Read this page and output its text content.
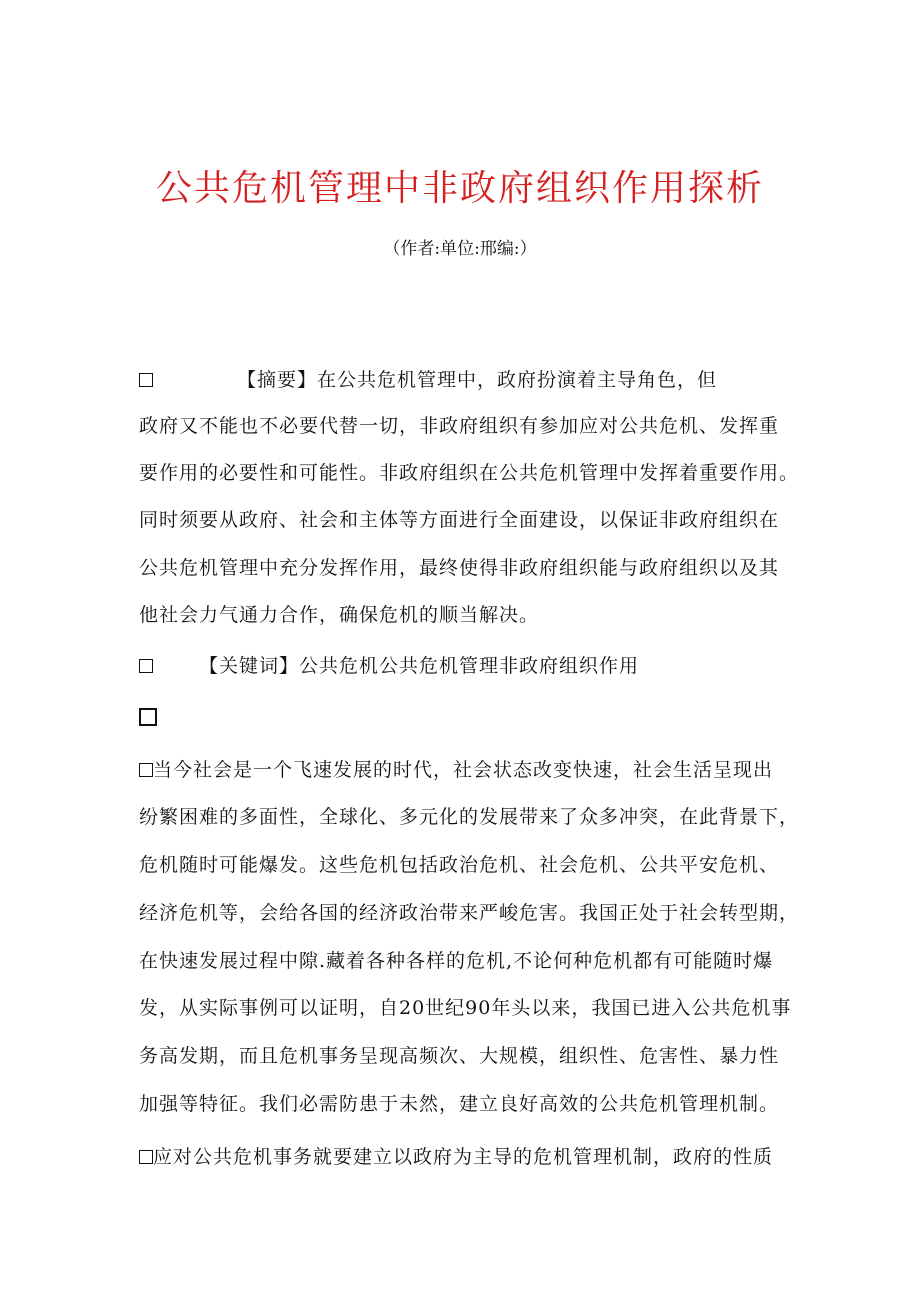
公共危机管理中非政府组织作用探析

（作者:单位:邢编:）

【摘要】在公共危机管理中，政府扮演着主导角色，但
政府又不能也不必要代替一切，非政府组织有参加应对公共危机、发挥重
要作用的必要性和可能性。非政府组织在公共危机管理中发挥着重要作用。
同时须要从政府、社会和主体等方面进行全面建设，以保证非政府组织在
公共危机管理中充分发挥作用，最终使得非政府组织能与政府组织以及其
他社会力气通力合作，确保危机的顺当解决。
【关键词】公共危机公共危机管理非政府组织作用
当今社会是一个飞速发展的时代，社会状态改变快速，社会生活呈现出
纷繁困难的多面性，全球化、多元化的发展带来了众多冲突，在此背景下，
危机随时可能爆发。这些危机包括政治危机、社会危机、公共平安危机、
经济危机等，会给各国的经济政治带来严峻危害。我国正处于社会转型期，
在快速发展过程中隙.藏着各种各样的危机,不论何种危机都有可能随时爆
发，从实际事例可以证明，自20世纪90年头以来，我国已进入公共危机事
务高发期，而且危机事务呈现高频次、大规模，组织性、危害性、暴力性
加强等特征。我们必需防患于未然，建立良好高效的公共危机管理机制。
应对公共危机事务就要建立以政府为主导的危机管理机制，政府的性质
